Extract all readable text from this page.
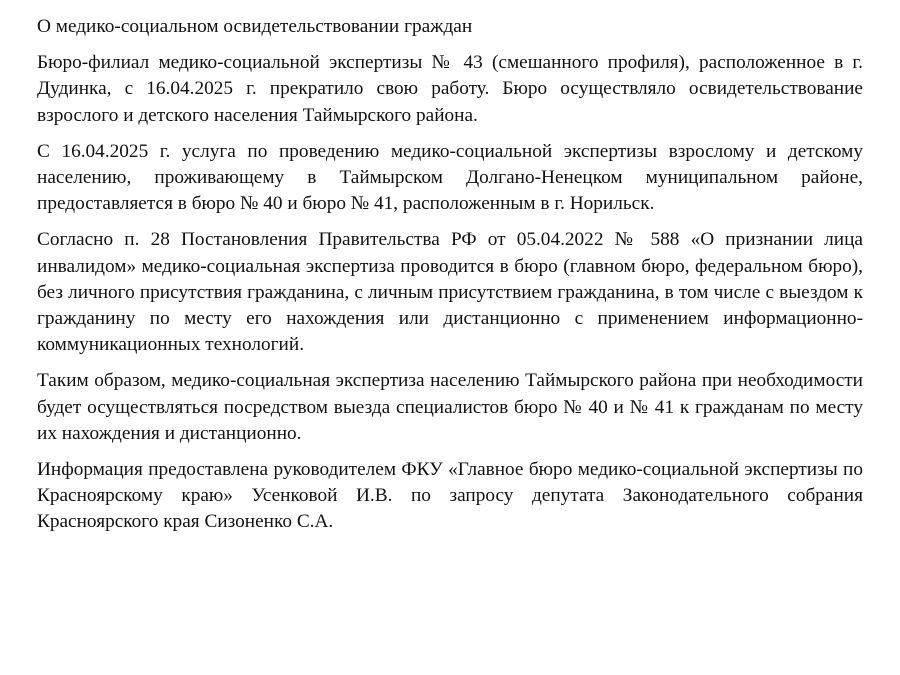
О медико-социальном освидетельствовании граждан

Бюро-филиал медико-социальной экспертизы № 43 (смешанного профиля), расположенное в г. Дудинка, с 16.04.2025 г. прекратило свою работу. Бюро осуществляло освидетельствование взрослого и детского населения Таймырского района.

С 16.04.2025 г. услуга по проведению медико-социальной экспертизы взрослому и детскому населению, проживающему в Таймырском Долгано-Ненецком муниципальном районе, предоставляется в бюро № 40 и бюро № 41, расположенным в г. Норильск.

Согласно п. 28 Постановления Правительства РФ от 05.04.2022 № 588 «О признании лица инвалидом» медико-социальная экспертиза проводится в бюро (главном бюро, федеральном бюро), без личного присутствия гражданина, с личным присутствием гражданина, в том числе с выездом к гражданину по месту его нахождения или дистанционно с применением информационно- коммуникационных технологий.

Таким образом, медико-социальная экспертиза населению Таймырского района при необходимости будет осуществляться посредством выезда специалистов бюро № 40 и № 41 к гражданам по месту их нахождения и дистанционно.

Информация предоставлена руководителем ФКУ «Главное бюро медико-социальной экспертизы по Красноярскому краю» Усенковой И.В. по запросу депутата Законодательного собрания Красноярского края Сизоненко С.А.
